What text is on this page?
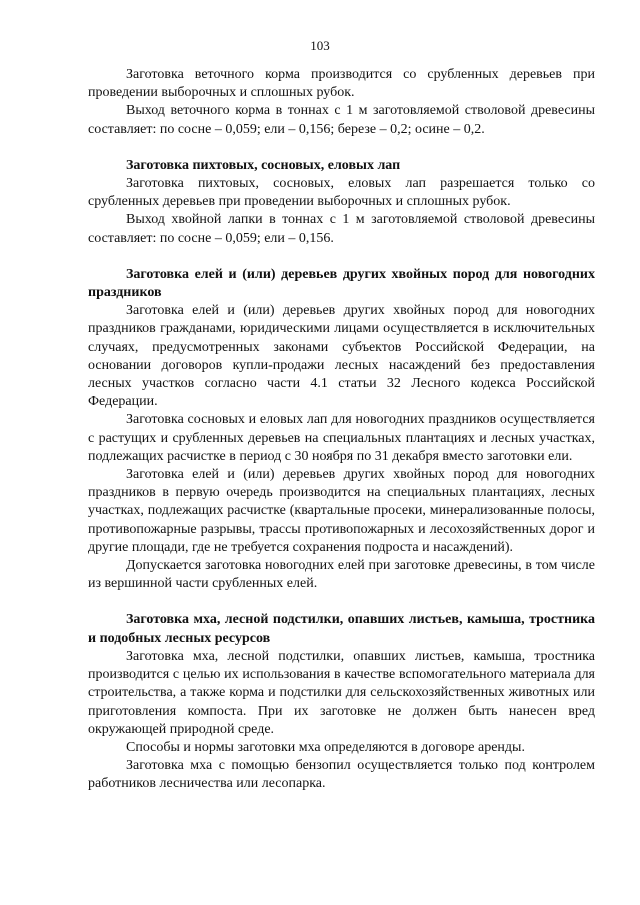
103

Заготовка веточного корма производится со срубленных деревьев при проведении выборочных и сплошных рубок.

Выход веточного корма в тоннах с 1 м заготовляемой стволовой древесины составляет: по сосне – 0,059; ели – 0,156; березе – 0,2; осине – 0,2.

Заготовка пихтовых, сосновых, еловых лап

Заготовка пихтовых, сосновых, еловых лап разрешается только со срубленных деревьев при проведении выборочных и сплошных рубок.

Выход хвойной лапки в тоннах с 1 м заготовляемой стволовой древесины составляет: по сосне – 0,059; ели – 0,156.

Заготовка елей и (или) деревьев других хвойных пород для новогодних праздников

Заготовка елей и (или) деревьев других хвойных пород для новогодних праздников гражданами, юридическими лицами осуществляется в исключительных случаях, предусмотренных законами субъектов Российской Федерации, на основании договоров купли-продажи лесных насаждений без предоставления лесных участков согласно части 4.1 статьи 32 Лесного кодекса Российской Федерации.

Заготовка сосновых и еловых лап для новогодних праздников осуществляется с растущих и срубленных деревьев на специальных плантациях и лесных участках, подлежащих расчистке в период с 30 ноября по 31 декабря вместо заготовки ели.

Заготовка елей и (или) деревьев других хвойных пород для новогодних праздников в первую очередь производится на специальных плантациях, лесных участках, подлежащих расчистке (квартальные просеки, минерализованные полосы, противопожарные разрывы, трассы противопожарных и лесохозяйственных дорог и другие площади, где не требуется сохранения подроста и насаждений).

Допускается заготовка новогодних елей при заготовке древесины, в том числе из вершинной части срубленных елей.

Заготовка мха, лесной подстилки, опавших листьев, камыша, тростника и подобных лесных ресурсов

Заготовка мха, лесной подстилки, опавших листьев, камыша, тростника производится с целью их использования в качестве вспомогательного материала для строительства, а также корма и подстилки для сельскохозяйственных животных или приготовления компоста. При их заготовке не должен быть нанесен вред окружающей природной среде.

Способы и нормы заготовки мха определяются в договоре аренды.

Заготовка мха с помощью бензопил осуществляется только под контролем работников лесничества или лесопарка.
